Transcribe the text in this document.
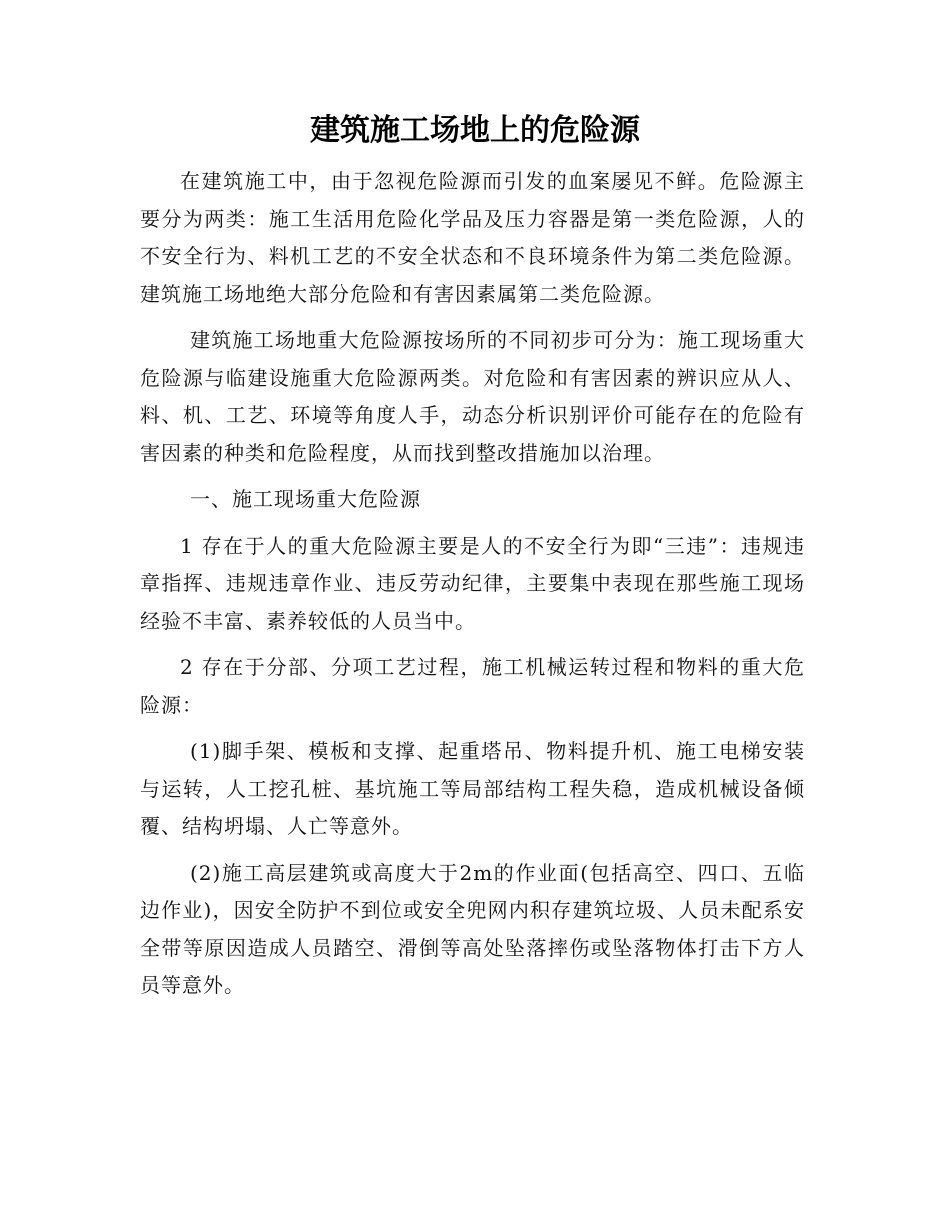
建筑施工场地上的危险源

在建筑施工中，由于忽视危险源而引发的血案屡见不鲜。危险源主要分为两类：施工生活用危险化学品及压力容器是第一类危险源，人的不安全行为、料机工艺的不安全状态和不良环境条件为第二类危险源。建筑施工场地绝大部分危险和有害因素属第二类危险源。

建筑施工场地重大危险源按场所的不同初步可分为：施工现场重大危险源与临建设施重大危险源两类。对危险和有害因素的辨识应从人、料、机、工艺、环境等角度人手，动态分析识别评价可能存在的危险有害因素的种类和危险程度，从而找到整改措施加以治理。

一、施工现场重大危险源

1 存在于人的重大危险源主要是人的不安全行为即“三违”：违规违章指挥、违规违章作业、违反劳动纪律，主要集中表现在那些施工现场经验不丰富、素养较低的人员当中。

2 存在于分部、分项工艺过程，施工机械运转过程和物料的重大危险源：

(1)脚手架、模板和支撑、起重塔吊、物料提升机、施工电梯安装与运转，人工挖孔桩、基坑施工等局部结构工程失稳，造成机械设备倾覆、结构坍塌、人亡等意外。

(2)施工高层建筑或高度大于2m的作业面(包括高空、四口、五临边作业)，因安全防护不到位或安全兜网内积存建筑垃圾、人员未配系安全带等原因造成人员踏空、滑倒等高处坠落摔伤或坠落物体打击下方人员等意外。
